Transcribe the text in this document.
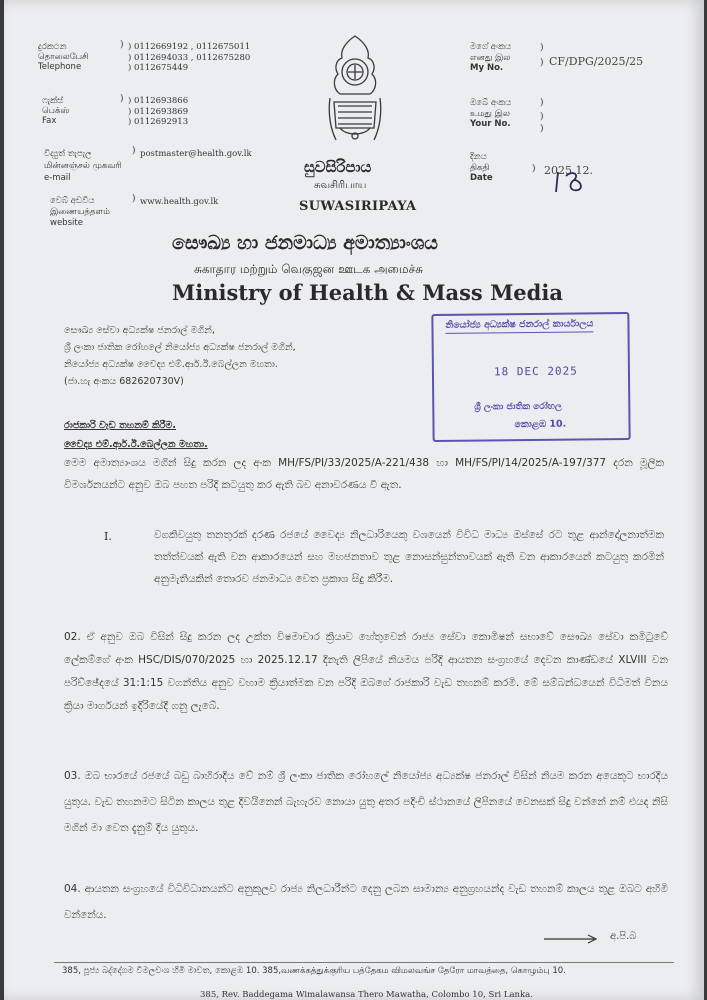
දුරකථන
தொலைபேசி
Telephone
) ) 0112669192 , 0112675011
) 0112694033 , 0112675280
) 0112675449
ෆැක්ස්
பெக்ஸ்
Fax
) ) 0112693866
) 0112693869
) 0112692913
විද්‍යුත් තැපැල
மின்னஞ்சல் முகவரி
e-mail
) postmaster@health.gov.lk
වෙබ් අඩවිය
இணையத்தளம்
website
) www.health.gov.lk
සුවසිරිපාය
சுவசிரிபாய
SUWASIRIPAYA
මගේ අංකය
எனது இல
My No.
)
) CF/DPG/2025/25
ඔබේ අංකය
உமது இல
Your No.
)
)
)
දිනය
திகதி
Date
) 2025.12.
සෞඛ්‍ය හා ජනමාධ්‍ය අමාත්‍යාංශය
சுகாதார மற்றும் வெகுஜன ஊடக அமைச்சு
Ministry of Health & Mass Media
සෞඛ්‍ය සේවා අධ්‍යක්ෂ ජනරාල් මගින්,
ශ්‍රී ලංකා ජාතික රෝහලේ නියෝජ්‍ය අධ්‍යක්ෂ ජනරාල් මගින්,
නියෝජ්‍ය අධ්‍යක්ෂ වෛද්‍ය එම්.ආර්.ඊ.බෙල්ලන මහතා.
(ජා.හැ අංකය 682620730V)
නියෝජ්‍ය අධ්‍යක්ෂ ජනරාල් කාර්යාලය
18 DEC 2025
ශ්‍රී ලංකා ජාතික රෝහල
කොළඹ 10.
රාජකාරි වැඩ තහනම් කිරීම.
වෛද්‍ය එම්.ආර්.ඊ.බෙල්ලන මහතා.
මෙම අමාත්‍යාංශය මගින් සිදු කරන ලද අංක MH/FS/PI/33/2025/A-221/438 හා MH/FS/PI/14/2025/A-197/377 දරන මූලික විමර්ශනයන්ට අනුව ඔබ පහත පරිදි කටයුතු කර ඇති බව අනාවරණය වී ඇත.
I.	වගකිවයුතු තනතුරක් දරණ රජයේ වෛද්‍ය නිලධාරියෙකු වශයෙන් විවිධ මාධ්‍ය ඔස්සේ රට තුළ ආන්දෝලනාත්මක තත්ත්වයක් ඇති වන ආකාරයෙන් සහ මහජනතාව තුළ නොසන්සුන්තාවයක් ඇති වන ආකාරයෙන් කටයුතු කරමින් අනුමැතියකින් තොරව ජනමාධ්‍ය වෙත ප්‍රකාශ සිදු කිරීම.
02. ඒ අනුව ඔබ විසින් සිදු කරන ලද උක්ත විෂමාචාර ක්‍රියාව හේතුවෙන් රාජ්‍ය සේවා කොමිෂන් සභාවේ සෞඛ්‍ය සේවා කමිටුවේ ලේකම්ගේ අංක HSC/DIS/070/2025 හා 2025.12.17 දිනැති ලිපියේ නියමය පරිදි ආයතන සංග්‍රහයේ දෙවන කාණ්ඩයේ XLVIII වන පරිච්ඡේදයේ 31:1:15 වගන්තිය අනුව වහාම ක්‍රියාත්මක වන පරිදි ඔබගේ රාජකාරි වැඩ තහනම් කරමි. මේ සම්බන්ධයෙන් විධිමත් විනය ක්‍රියා මාර්ගයන් ඉදිරියේදී ගනු ලැබේ.
03. ඔබ භාරයේ රජයේ බඩු බාහිරාදිය වේ නම් ශ්‍රී ලංකා ජාතික රෝහලේ නියෝජ්‍ය අධ්‍යක්ෂ ජනරාල් විසින් නියම කරන අයෙකුට භාරදිය යුතුය. වැඩ තහනමට සිටින කාලය තුළ දිවයිනෙන් බැහැරව නොයා යුතු අතර පදිංචි ස්ථානයේ ලිපිනයේ වෙනසක් සිදු වන්නේ නම් එයද නිසි මගින් මා වෙත දැනුම් දිය යුතුය.
04. ආයතන සංග්‍රහයේ විධිවිධානයන්ට අනුකූලව රාජ්‍ය නිලධාරීන්ට දෙනු ලබන සාමාන්‍ය අනුග්‍රහයන්ද වැඩ තහනම් කාලය තුළ ඔබට අහිමි වන්නේය.
අ.පි.බ
385, පූජ්‍ය බද්දේගම විමලවංශ හිමි මාවත, කොළඹ 10. 385,வணக்கத்துக்குரிய பத்தேகம விமலவங்ச தேரோ மாவத்தை, கொழும்பு 10.
385, Rev. Baddegama Wimalawansa Thero Mawatha, Colombo 10, Sri Lanka.
